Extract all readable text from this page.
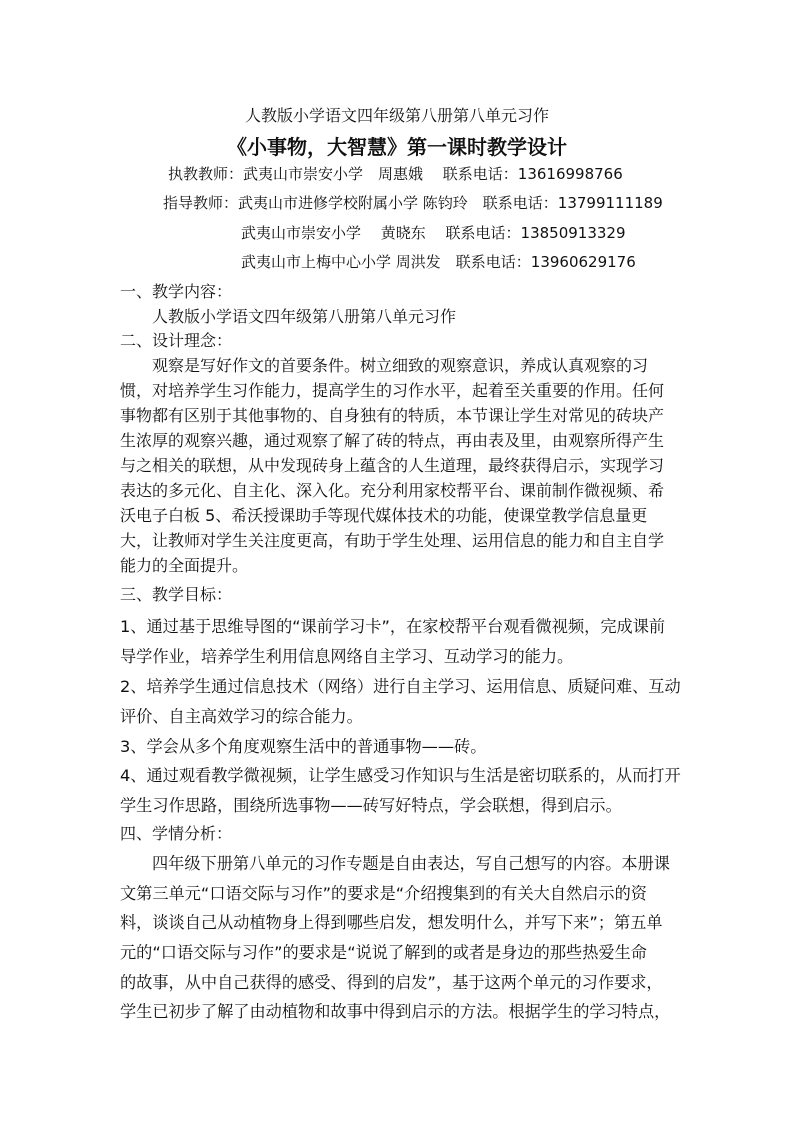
人教版小学语文四年级第八册第八单元习作
《小事物，大智慧》第一课时教学设计
执教教师：武夷山市崇安小学　周惠娥　 联系电话：13616998766
指导教师：武夷山市进修学校附属小学 陈钧玲　联系电话：13799111189
武夷山市崇安小学　 黄晓东　 联系电话：13850913329
武夷山市上梅中心小学 周洪发　联系电话：13960629176
一、教学内容：
人教版小学语文四年级第八册第八单元习作
二、设计理念：
观察是写好作文的首要条件。树立细致的观察意识，养成认真观察的习
惯，对培养学生习作能力，提高学生的习作水平，起着至关重要的作用。任何
事物都有区别于其他事物的、自身独有的特质，本节课让学生对常见的砖块产
生浓厚的观察兴趣，通过观察了解了砖的特点，再由表及里，由观察所得产生
与之相关的联想，从中发现砖身上蕴含的人生道理，最终获得启示，实现学习
表达的多元化、自主化、深入化。充分利用家校帮平台、课前制作微视频、希
沃电子白板 5、希沃授课助手等现代媒体技术的功能，使课堂教学信息量更
大，让教师对学生关注度更高，有助于学生处理、运用信息的能力和自主自学
能力的全面提升。
三、教学目标：
1、通过基于思维导图的“课前学习卡”，在家校帮平台观看微视频，完成课前
导学作业，培养学生利用信息网络自主学习、互动学习的能力。
2、培养学生通过信息技术（网络）进行自主学习、运用信息、质疑问难、互动
评价、自主高效学习的综合能力。
3、学会从多个角度观察生活中的普通事物——砖。
4、通过观看教学微视频，让学生感受习作知识与生活是密切联系的，从而打开
学生习作思路，围绕所选事物——砖写好特点，学会联想，得到启示。
四、学情分析：
四年级下册第八单元的习作专题是自由表达，写自己想写的内容。本册课
文第三单元“口语交际与习作”的要求是“介绍搜集到的有关大自然启示的资
料，谈谈自己从动植物身上得到哪些启发，想发明什么，并写下来”；第五单
元的“口语交际与习作”的要求是“说说了解到的或者是身边的那些热爱生命
的故事，从中自己获得的感受、得到的启发”，基于这两个单元的习作要求，
学生已初步了解了由动植物和故事中得到启示的方法。根据学生的学习特点，
